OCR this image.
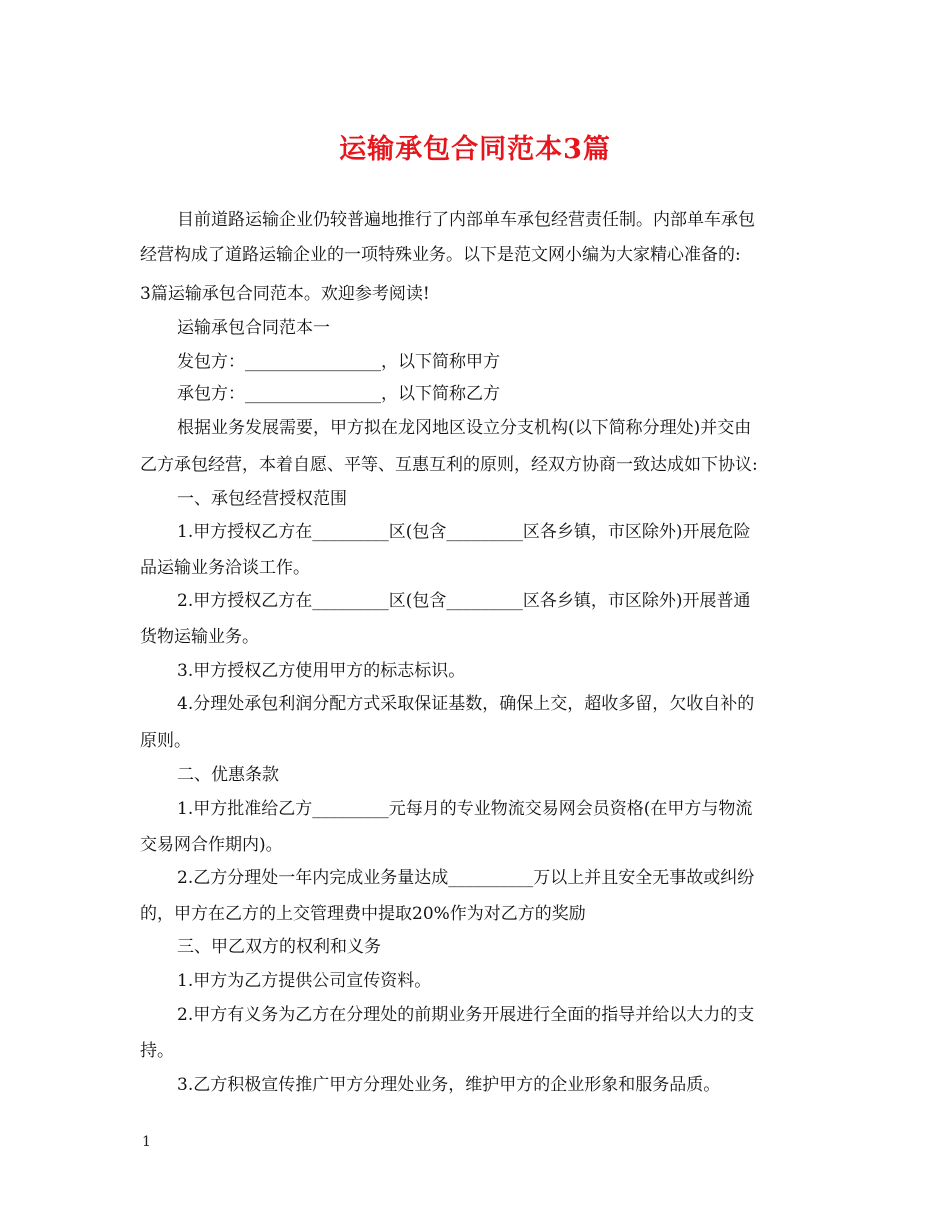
运输承包合同范本3篇
目前道路运输企业仍较普遍地推行了内部单车承包经营责任制。内部单车承包
经营构成了道路运输企业的一项特殊业务。以下是范文网小编为大家精心准备的:
3篇运输承包合同范本。欢迎参考阅读!
运输承包合同范本一
发包方：________________，以下简称甲方
承包方：________________，以下简称乙方
根据业务发展需要，甲方拟在龙冈地区设立分支机构(以下简称分理处)并交由
乙方承包经营，本着自愿、平等、互惠互利的原则，经双方协商一致达成如下协议:
一、承包经营授权范围
1.甲方授权乙方在_________区(包含_________区各乡镇，市区除外)开展危险
品运输业务洽谈工作。
2.甲方授权乙方在_________区(包含_________区各乡镇，市区除外)开展普通
货物运输业务。
3.甲方授权乙方使用甲方的标志标识。
4.分理处承包利润分配方式采取保证基数，确保上交，超收多留，欠收自补的
原则。
二、优惠条款
1.甲方批准给乙方_________元每月的专业物流交易网会员资格(在甲方与物流
交易网合作期内)。
2.乙方分理处一年内完成业务量达成__________万以上并且安全无事故或纠纷
的，甲方在乙方的上交管理费中提取20%作为对乙方的奖励
三、甲乙双方的权利和义务
1.甲方为乙方提供公司宣传资料。
2.甲方有义务为乙方在分理处的前期业务开展进行全面的指导并给以大力的支
持。
3.乙方积极宣传推广甲方分理处业务，维护甲方的企业形象和服务品质。
1
